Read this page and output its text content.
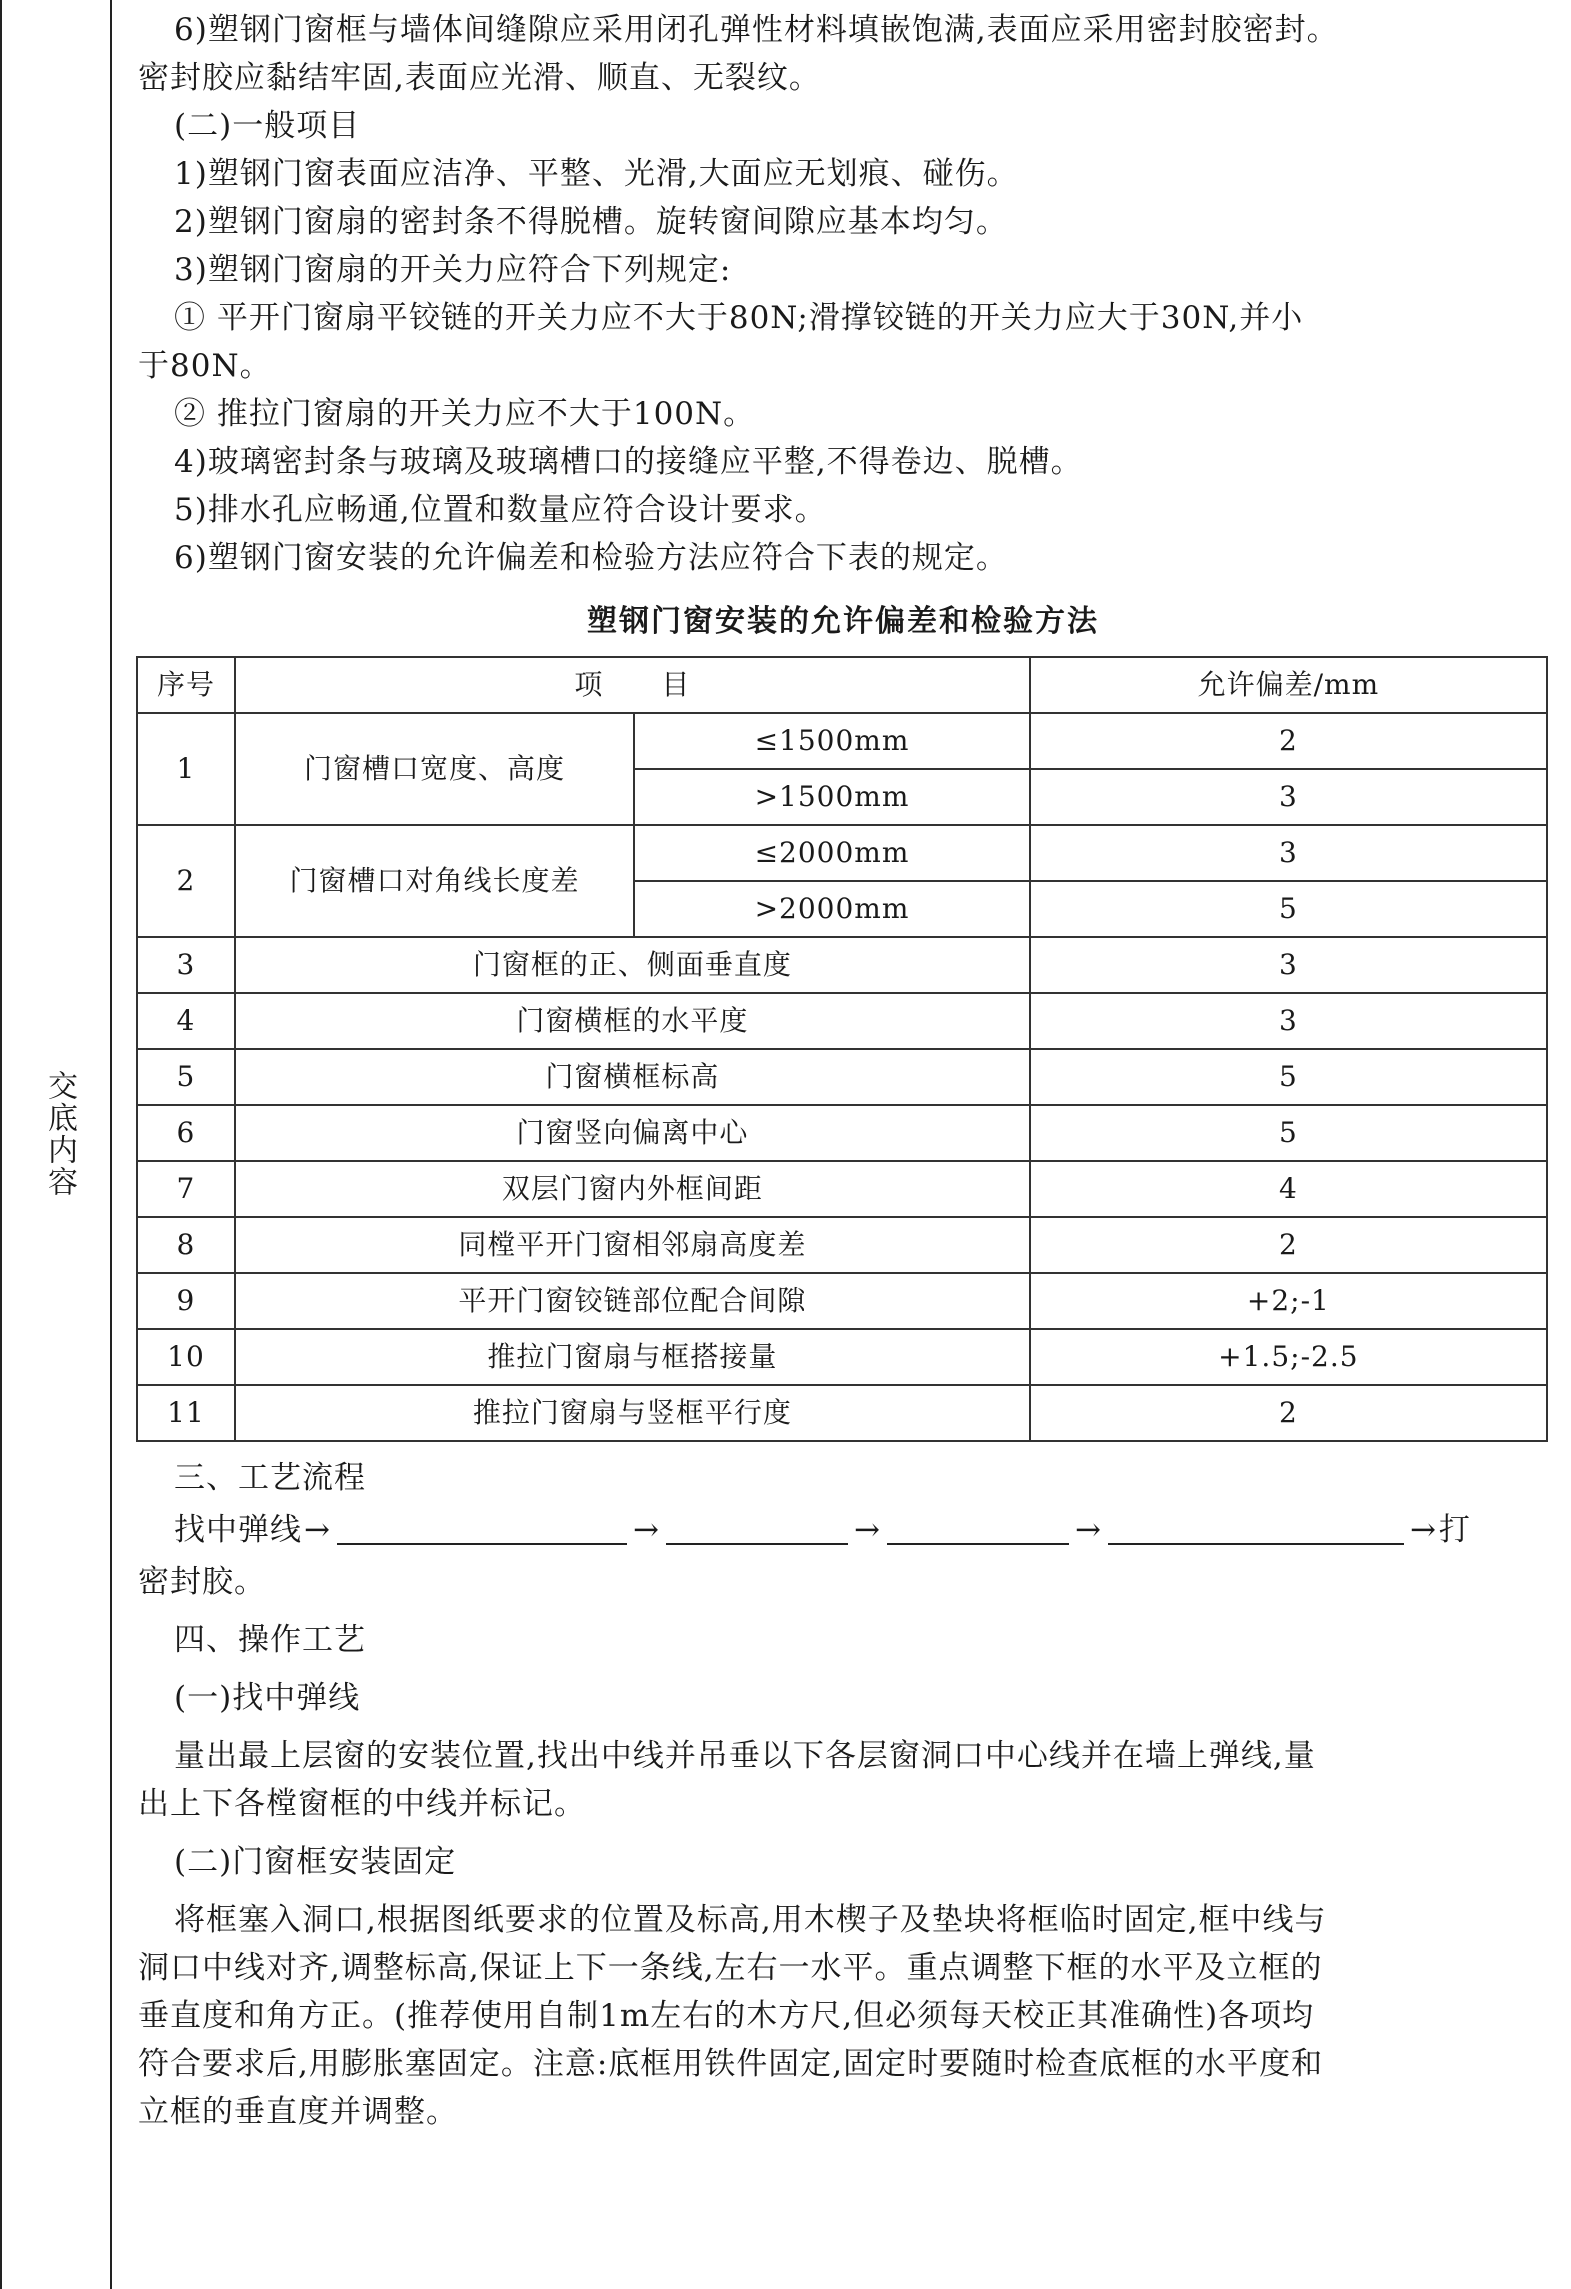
交底内容

6)塑钢门窗框与墙体间缝隙应采用闭孔弹性材料填嵌饱满,表面应采用密封胶密封。

密封胶应黏结牢固,表面应光滑、顺直、无裂纹。

(二)一般项目

1)塑钢门窗表面应洁净、平整、光滑,大面应无划痕、碰伤。

2)塑钢门窗扇的密封条不得脱槽。旋转窗间隙应基本均匀。

3)塑钢门窗扇的开关力应符合下列规定:

① 平开门窗扇平铰链的开关力应不大于80N;滑撑铰链的开关力应大于30N,并小

于80N。

② 推拉门窗扇的开关力应不大于100N。

4)玻璃密封条与玻璃及玻璃槽口的接缝应平整,不得卷边、脱槽。

5)排水孔应畅通,位置和数量应符合设计要求。

6)塑钢门窗安装的允许偏差和检验方法应符合下表的规定。

塑钢门窗安装的允许偏差和检验方法
序号	项　　目		允许偏差/mm
1	门窗槽口宽度、高度	≤1500mm	2
		>1500mm	3
2	门窗槽口对角线长度差	≤2000mm	3
		>2000mm	5
3	门窗框的正、侧面垂直度		3
4	门窗横框的水平度		3
5	门窗横框标高		5
6	门窗竖向偏离中心		5
7	双层门窗内外框间距		4
8	同樘平开门窗相邻扇高度差		2
9	平开门窗铰链部位配合间隙		+2;-1
10	推拉门窗扇与框搭接量		+1.5;-2.5
11	推拉门窗扇与竖框平行度		2

三、工艺流程

找中弹线 →	→	→	→	→ 打

密封胶。

四、操作工艺

(一)找中弹线

量出最上层窗的安装位置,找出中线并吊垂以下各层窗洞口中心线并在墙上弹线,量

出上下各樘窗框的中线并标记。

(二)门窗框安装固定

将框塞入洞口,根据图纸要求的位置及标高,用木楔子及垫块将框临时固定,框中线与

洞口中线对齐,调整标高,保证上下一条线,左右一水平。重点调整下框的水平及立框的

垂直度和角方正。(推荐使用自制1m左右的木方尺,但必须每天校正其准确性)各项均

符合要求后,用膨胀塞固定。注意:底框用铁件固定,固定时要随时检查底框的水平度和

立框的垂直度并调整。
